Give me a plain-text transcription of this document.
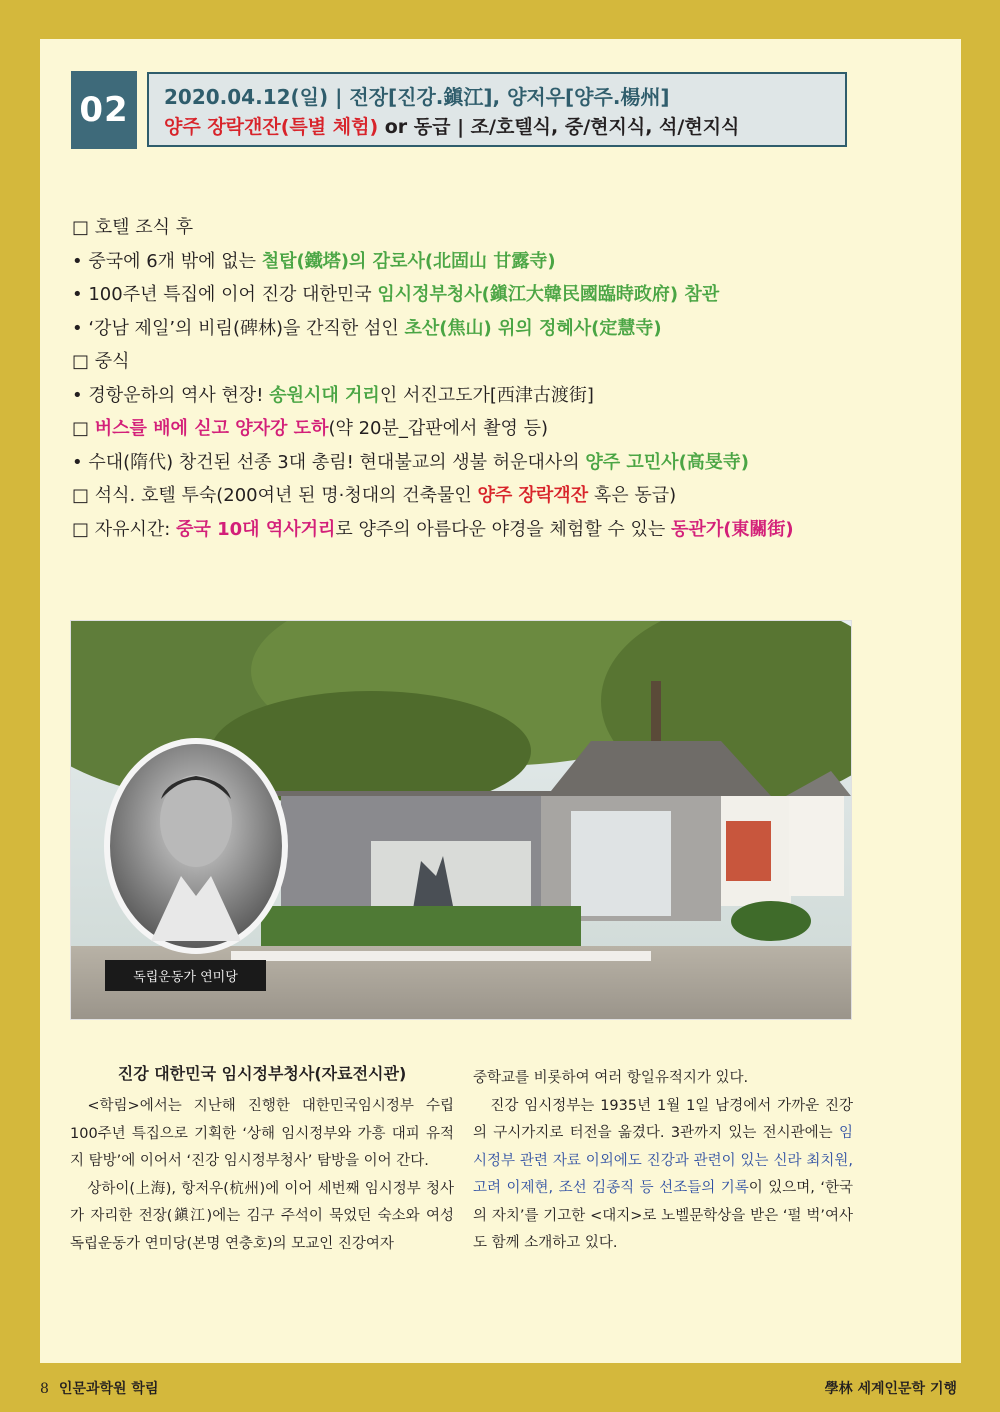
02	2020.04.12(일) | 전장[진강.鎭江], 양저우[양주.楊州]
양주 장락갠잔(특별 체험) or 동급 | 조/호텔식, 중/현지식, 석/현지식
□ 호텔 조식 후
• 중국에 6개 밖에 없는 철탑(鐵塔)의 감로사(北固山 甘露寺)
• 100주년 특집에 이어 진강 대한민국 임시정부청사(鎭江大韓民國臨時政府) 참관
• ‘강남 제일’의 비림(碑林)을 간직한 섬인 초산(焦山) 위의 정혜사(定慧寺)
□ 중식
• 경항운하의 역사 현장! 송원시대 거리인 서진고도가[西津古渡街]
□ 버스를 배에 싣고 양자강 도하(약 20분_갑판에서 촬영 등)
• 수대(隋代) 창건된 선종 3대 총림! 현대불교의 생불 허운대사의 양주 고민사(高旻寺)
□ 석식. 호텔 투숙(200여년 된 명·청대의 건축물인 양주 장락객잔 혹은 동급)
□ 자유시간: 중국 10대 역사거리로 양주의 아름다운 야경을 체험할 수 있는 동관가(東關街)
독립운동가 연미당

진강 대한민국 임시정부청사(자료전시관)

<학림>에서는 지난해 진행한 대한민국임시정부 수립 100주년 특집으로 기획한 ‘상해 임시정부와 가흥 대피 유적지 탐방’에 이어서 ‘진강 임시정부청사’ 탐방을 이어 간다.

상하이(上海), 항저우(杭州)에 이어 세번째 임시정부 청사가 자리한 전장(鎭江)에는 김구 주석이 묵었던 숙소와 여성 독립운동가 연미당(본명 연충호)의 모교인 진강여자

중학교를 비롯하여 여러 항일유적지가 있다.

진강 임시정부는 1935년 1월 1일 남경에서 가까운 진강의 구시가지로 터전을 옮겼다. 3관까지 있는 전시관에는 임시정부 관련 자료 이외에도 진강과 관련이 있는 신라 최치원, 고려 이제현, 조선 김종직 등 선조들의 기록이 있으며, ‘한국의 자치’를 기고한 <대지>로 노벨문학상을 받은 ‘펄 벅’여사도 함께 소개하고 있다.

8 인문과학원 학림	學林 세계인문학 기행
